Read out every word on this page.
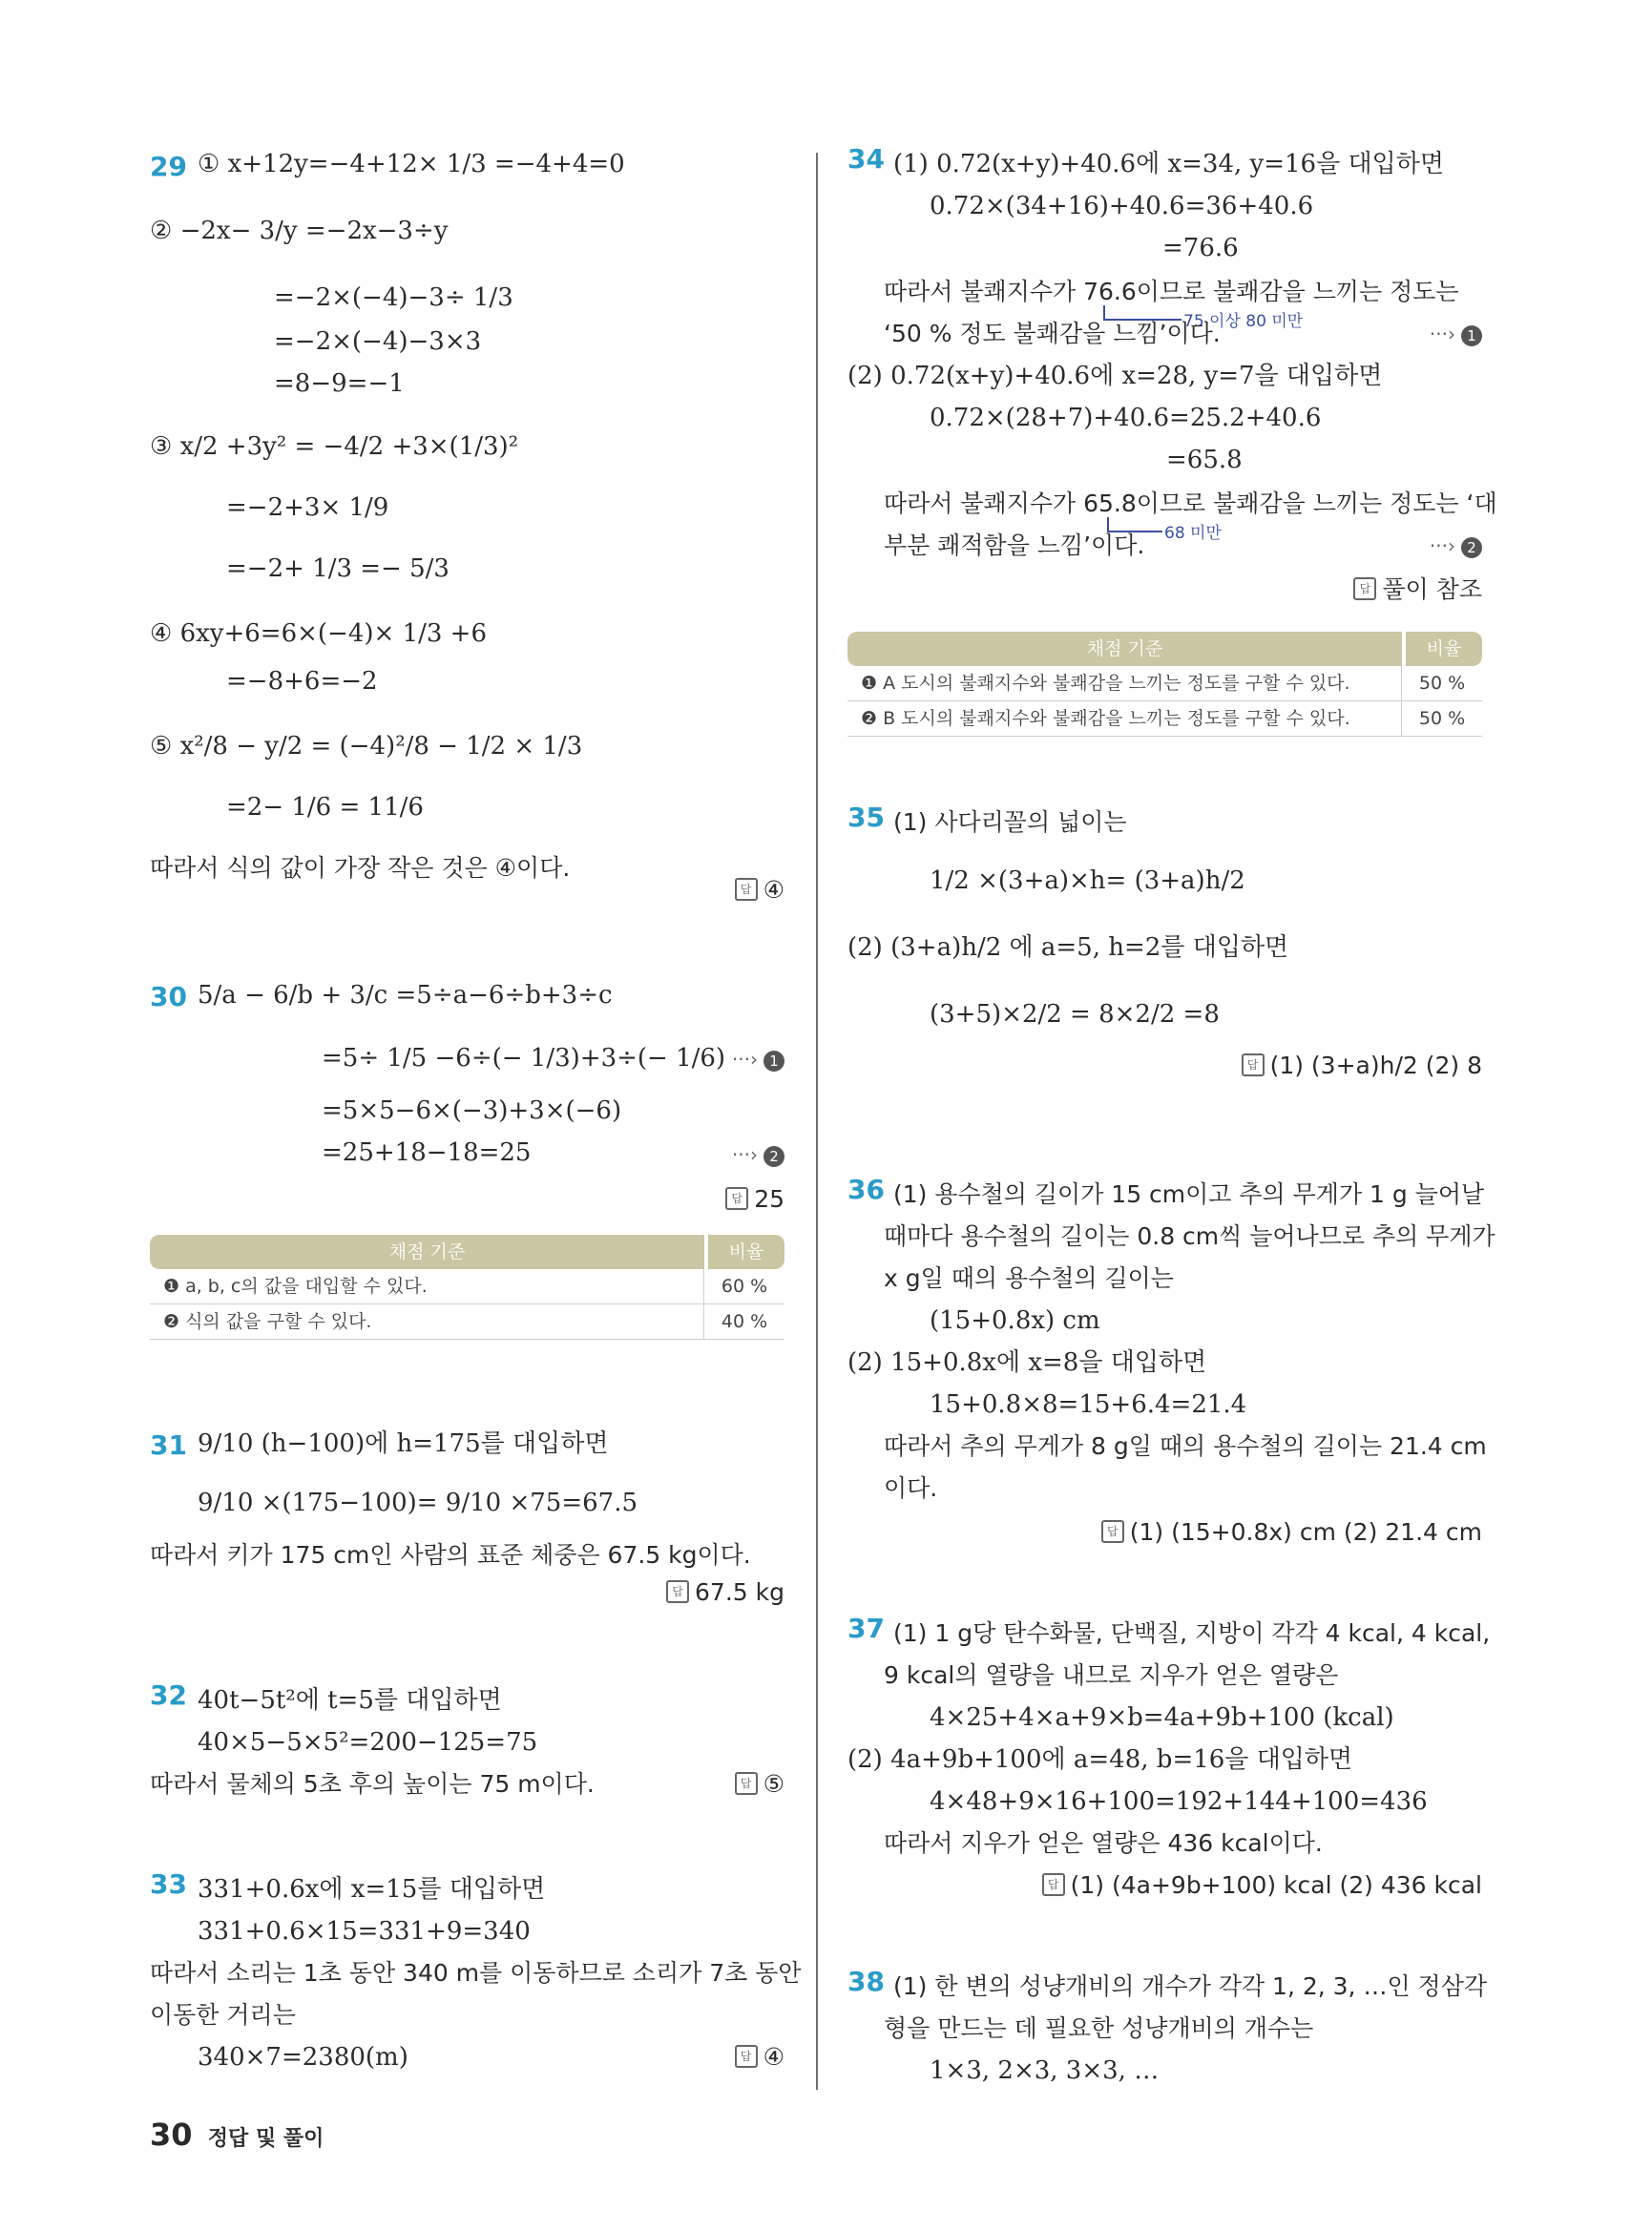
29 ① x+12y=−4+12× 1/3 =−4+4=0
② −2x− 3/y =−2x−3÷y
=−2×(−4)−3÷ 1/3
=−2×(−4)−3×3
=8−9=−1
③ x/2 +3y² = −4/2 +3×(1/3)²
=−2+3× 1/9
=−2+ 1/3 =− 5/3
④ 6xy+6=6×(−4)× 1/3 +6
=−8+6=−2
⑤ x²/8 − y/2 = (−4)²/8 − 1/2 × 1/3
=2− 1/6 = 11/6
따라서 식의 값이 가장 작은 것은 ④이다.
답 ④
30 5/a − 6/b + 3/c =5÷a−6÷b+3÷c
=5÷ 1/5 −6÷(− 1/3)+3÷(− 1/6) ···› 1
=5×5−6×(−3)+3×(−6)
=25+18−18=25	···› 2
답 25
채점 기준	비율
❶ a, b, c의 값을 대입할 수 있다.	60 %
❷ 식의 값을 구할 수 있다.	40 %
31 9/10 (h−100)에 h=175를 대입하면
9/10 ×(175−100)= 9/10 ×75=67.5
따라서 키가 175 cm인 사람의 표준 체중은 67.5 kg이다.
답 67.5 kg
32 40t−5t²에 t=5를 대입하면
40×5−5×5²=200−125=75
따라서 물체의 5초 후의 높이는 75 m이다.	답 ⑤
33 331+0.6x에 x=15를 대입하면
331+0.6×15=331+9=340
따라서 소리는 1초 동안 340 m를 이동하므로 소리가 7초 동안
이동한 거리는
340×7=2380(m)	답 ④
34 (1) 0.72(x+y)+40.6에 x=34, y=16을 대입하면
0.72×(34+16)+40.6=36+40.6
=76.6
따라서 불쾌지수가 76.6이므로 불쾌감을 느끼는 정도는
75 이상 80 미만
‘50 % 정도 불쾌감을 느낌’이다.	···› 1
(2) 0.72(x+y)+40.6에 x=28, y=7을 대입하면
0.72×(28+7)+40.6=25.2+40.6
=65.8
따라서 불쾌지수가 65.8이므로 불쾌감을 느끼는 정도는 ‘대
68 미만
부분 쾌적함을 느낌’이다.	···› 2
답 풀이 참조
채점 기준	비율
❶ A 도시의 불쾌지수와 불쾌감을 느끼는 정도를 구할 수 있다.	50 %
❷ B 도시의 불쾌지수와 불쾌감을 느끼는 정도를 구할 수 있다.	50 %
35 (1) 사다리꼴의 넓이는
1/2 ×(3+a)×h= (3+a)h/2
(2) (3+a)h/2 에 a=5, h=2를 대입하면
(3+5)×2/2 = 8×2/2 =8
답 (1) (3+a)h/2 (2) 8
36 (1) 용수철의 길이가 15 cm이고 추의 무게가 1 g 늘어날
때마다 용수철의 길이는 0.8 cm씩 늘어나므로 추의 무게가
x g일 때의 용수철의 길이는
(15+0.8x) cm
(2) 15+0.8x에 x=8을 대입하면
15+0.8×8=15+6.4=21.4
따라서 추의 무게가 8 g일 때의 용수철의 길이는 21.4 cm
이다.
답 (1) (15+0.8x) cm (2) 21.4 cm
37 (1) 1 g당 탄수화물, 단백질, 지방이 각각 4 kcal, 4 kcal,
9 kcal의 열량을 내므로 지우가 얻은 열량은
4×25+4×a+9×b=4a+9b+100 (kcal)
(2) 4a+9b+100에 a=48, b=16을 대입하면
4×48+9×16+100=192+144+100=436
따라서 지우가 얻은 열량은 436 kcal이다.
답 (1) (4a+9b+100) kcal (2) 436 kcal
38 (1) 한 변의 성냥개비의 개수가 각각 1, 2, 3, …인 정삼각
형을 만드는 데 필요한 성냥개비의 개수는
1×3, 2×3, 3×3, …
30 정답 및 풀이
